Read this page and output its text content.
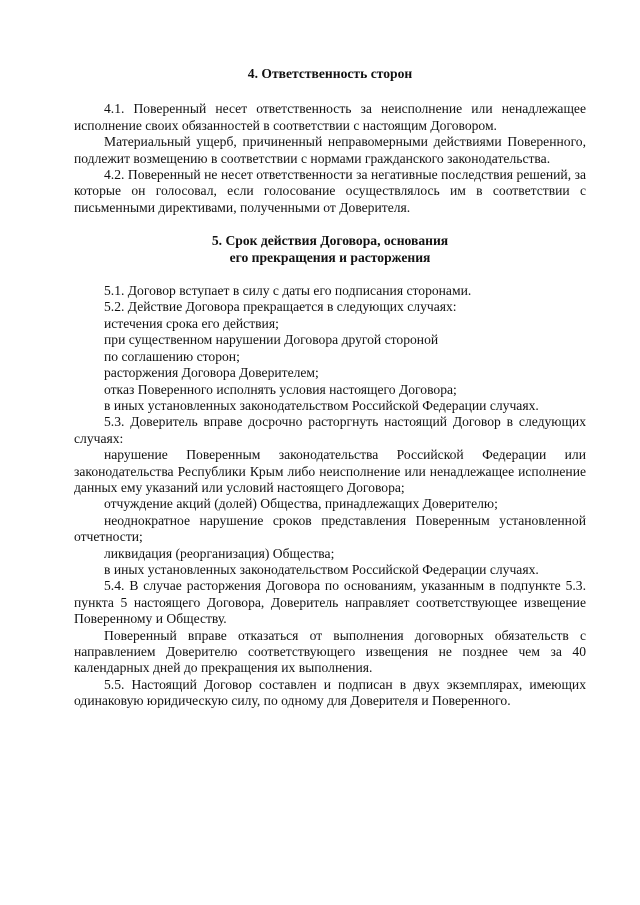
4. Ответственность сторон

4.1. Поверенный несет ответственность за неисполнение или ненадлежащее исполнение своих обязанностей в соответствии с настоящим Договором.

Материальный ущерб, причиненный неправомерными действиями Поверенного, подлежит возмещению в соответствии с нормами гражданского законодательства.

4.2. Поверенный не несет ответственности за негативные последствия решений, за которые он голосовал, если голосование осуществлялось им в соответствии с письменными директивами, полученными от Доверителя.

5. Срок действия Договора, основания
его прекращения и расторжения

5.1. Договор вступает в силу с даты его подписания сторонами.

5.2. Действие Договора прекращается в следующих случаях:

истечения срока его действия;

при существенном нарушении Договора другой стороной

по соглашению сторон;

расторжения Договора Доверителем;

отказ Поверенного исполнять условия настоящего Договора;

в иных установленных законодательством Российской Федерации случаях.

5.3. Доверитель вправе досрочно расторгнуть настоящий Договор в следующих случаях:

нарушение Поверенным законодательства Российской Федерации или законодательства Республики Крым либо неисполнение или ненадлежащее исполнение данных ему указаний или условий настоящего Договора;

отчуждение акций (долей) Общества, принадлежащих Доверителю;

неоднократное нарушение сроков представления Поверенным установленной отчетности;

ликвидация (реорганизация) Общества;

в иных установленных законодательством Российской Федерации случаях.

5.4. В случае расторжения Договора по основаниям, указанным в подпункте 5.3. пункта 5 настоящего Договора, Доверитель направляет соответствующее извещение Поверенному и Обществу.

Поверенный вправе отказаться от выполнения договорных обязательств с направлением Доверителю соответствующего извещения не позднее чем за 40 календарных дней до прекращения их выполнения.

5.5. Настоящий Договор составлен и подписан в двух экземплярах, имеющих одинаковую юридическую силу, по одному для Доверителя и Поверенного.
